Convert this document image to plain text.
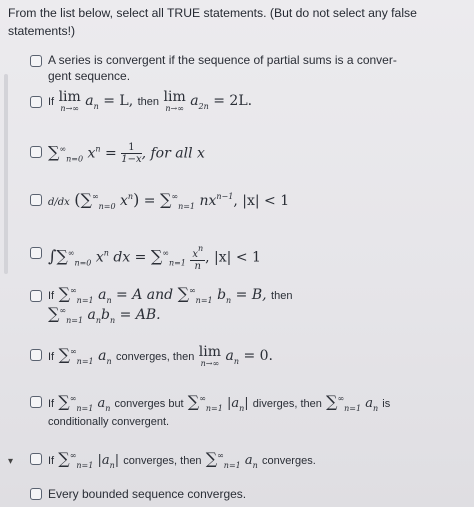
From the list below, select all TRUE statements. (But do not select any false statements!)
▾
A series is convergent if the sequence of partial sums is a conver-
gent sequence.
If lim
n→∞ $a_n = L$, then lim
n→∞ $a_{2n} = 2L$.
$\sum^\infty_{n=0}$ $x^n = \frac{1}{1-x}$ , for all x
d/dx ($\sum^\infty_{n=0}$ $x^n) = \sum^\infty_{n=1}$ $nx^{n-1}$, |x| < 1
$\int\sum^\infty_{n=0}$ $x^n$ dx = $\sum^\infty_{n=1} \frac{x^n}{n}$ , |x| < 1
If $\sum^\infty_{n=1}$ $a_n = A$ and $\sum^\infty_{n=1}$ $b_n = B$, then
$\sum^\infty_{n=1}$ $a_nb_n$ = AB.
If $\sum^\infty_{n=1}$ $a_n$ converges, then lim
n→∞ $a_n = 0$.
If $\sum^\infty_{n=1}$ $a_n$ converges but $\sum^\infty_{n=1}$ $|a_n|$ diverges, then $\sum^\infty_{n=1}$ $a_n$ is
conditionally convergent.
If $\sum^\infty_{n=1}$ $|a_n|$ converges, then $\sum^\infty_{n=1}$ $a_n$ converges.
Every bounded sequence converges.
